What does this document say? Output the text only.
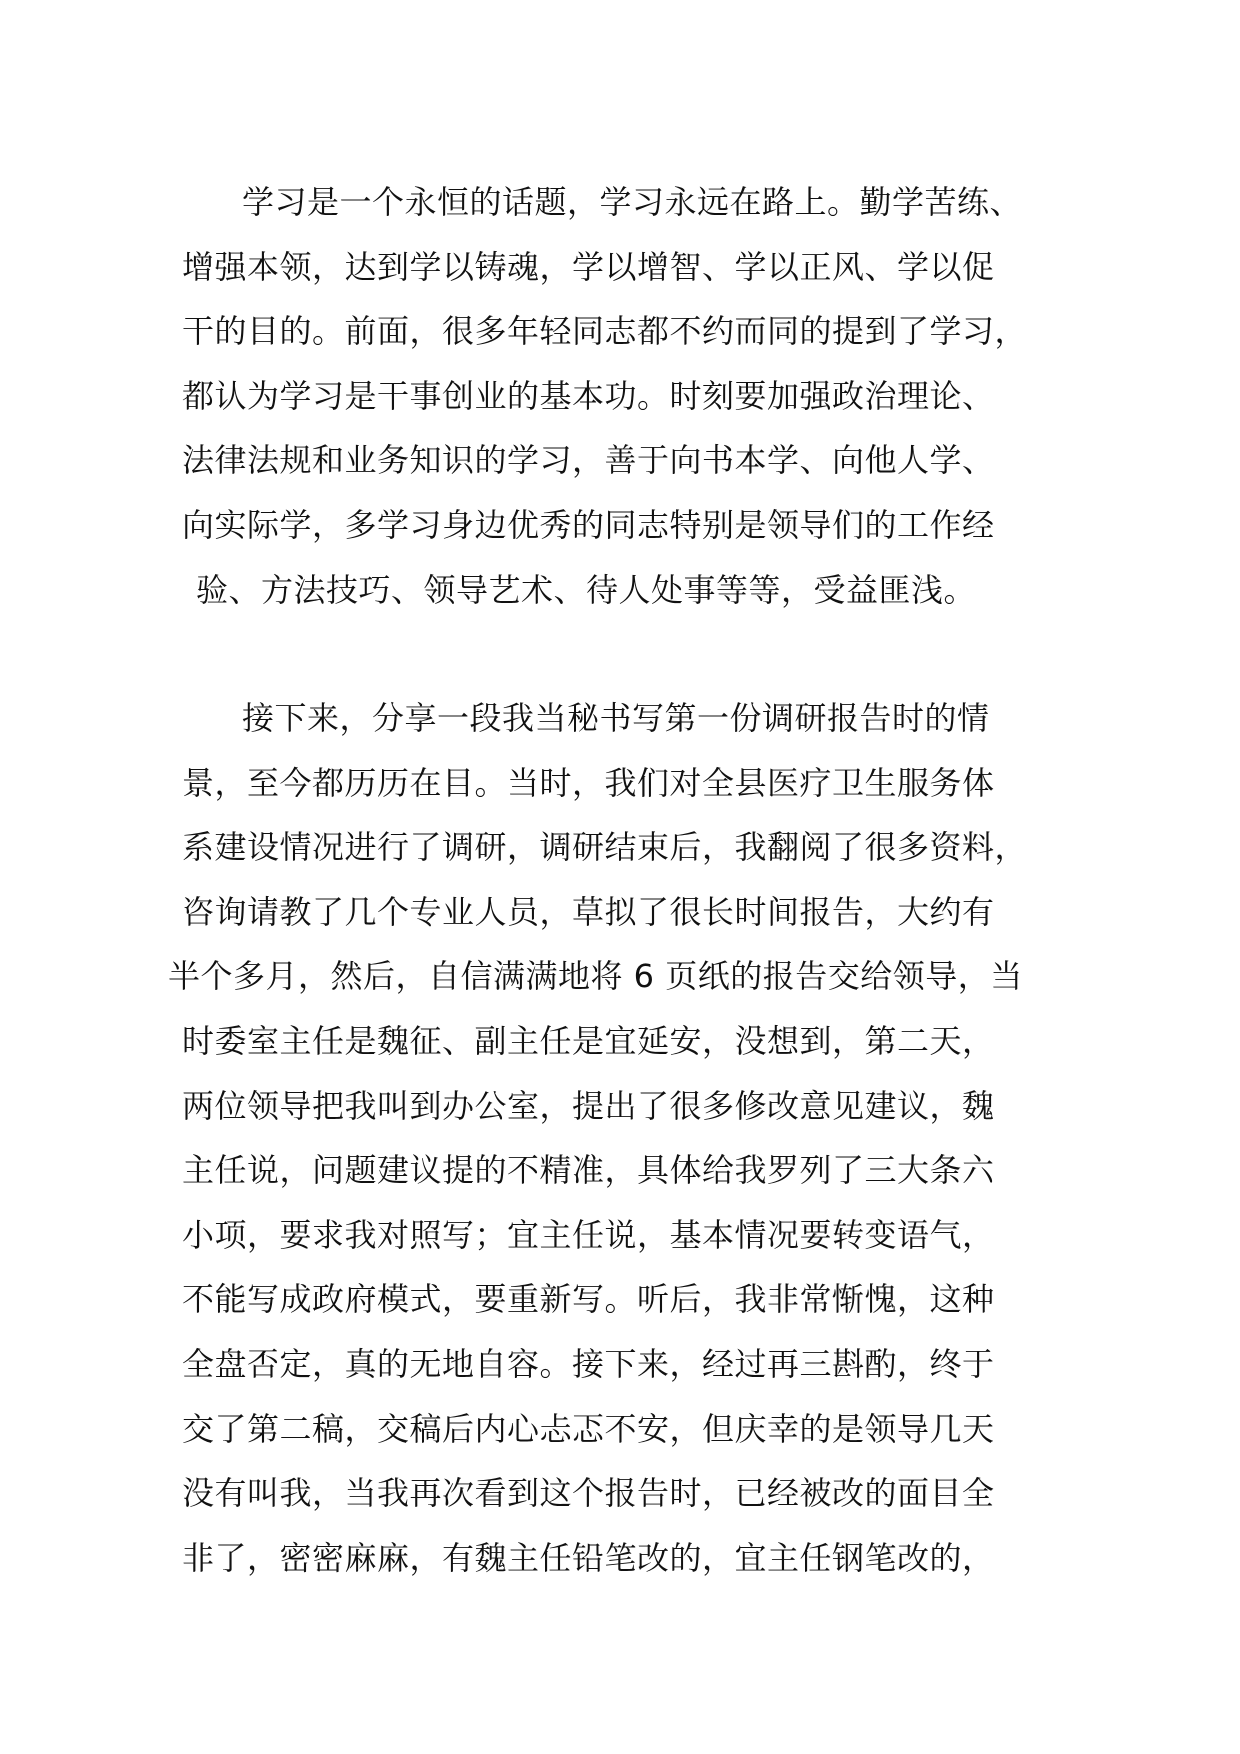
学习是一个永恒的话题，学习永远在路上。勤学苦练、
增强本领，达到学以铸魂，学以增智、学以正风、学以促
干的目的。前面，很多年轻同志都不约而同的提到了学习，
都认为学习是干事创业的基本功。时刻要加强政治理论、
法律法规和业务知识的学习，善于向书本学、向他人学、
向实际学，多学习身边优秀的同志特别是领导们的工作经
验、方法技巧、领导艺术、待人处事等等，受益匪浅。
接下来，分享一段我当秘书写第一份调研报告时的情
景，至今都历历在目。当时，我们对全县医疗卫生服务体
系建设情况进行了调研，调研结束后，我翻阅了很多资料，
咨询请教了几个专业人员，草拟了很长时间报告，大约有
半个多月，然后，自信满满地将 6 页纸的报告交给领导，当
时委室主任是魏征、副主任是宜延安，没想到，第二天，
两位领导把我叫到办公室，提出了很多修改意见建议，魏
主任说，问题建议提的不精准，具体给我罗列了三大条六
小项，要求我对照写；宜主任说，基本情况要转变语气，
不能写成政府模式，要重新写。听后，我非常惭愧，这种
全盘否定，真的无地自容。接下来，经过再三斟酌，终于
交了第二稿，交稿后内心忐忑不安，但庆幸的是领导几天
没有叫我，当我再次看到这个报告时，已经被改的面目全
非了，密密麻麻，有魏主任铅笔改的，宜主任钢笔改的，
